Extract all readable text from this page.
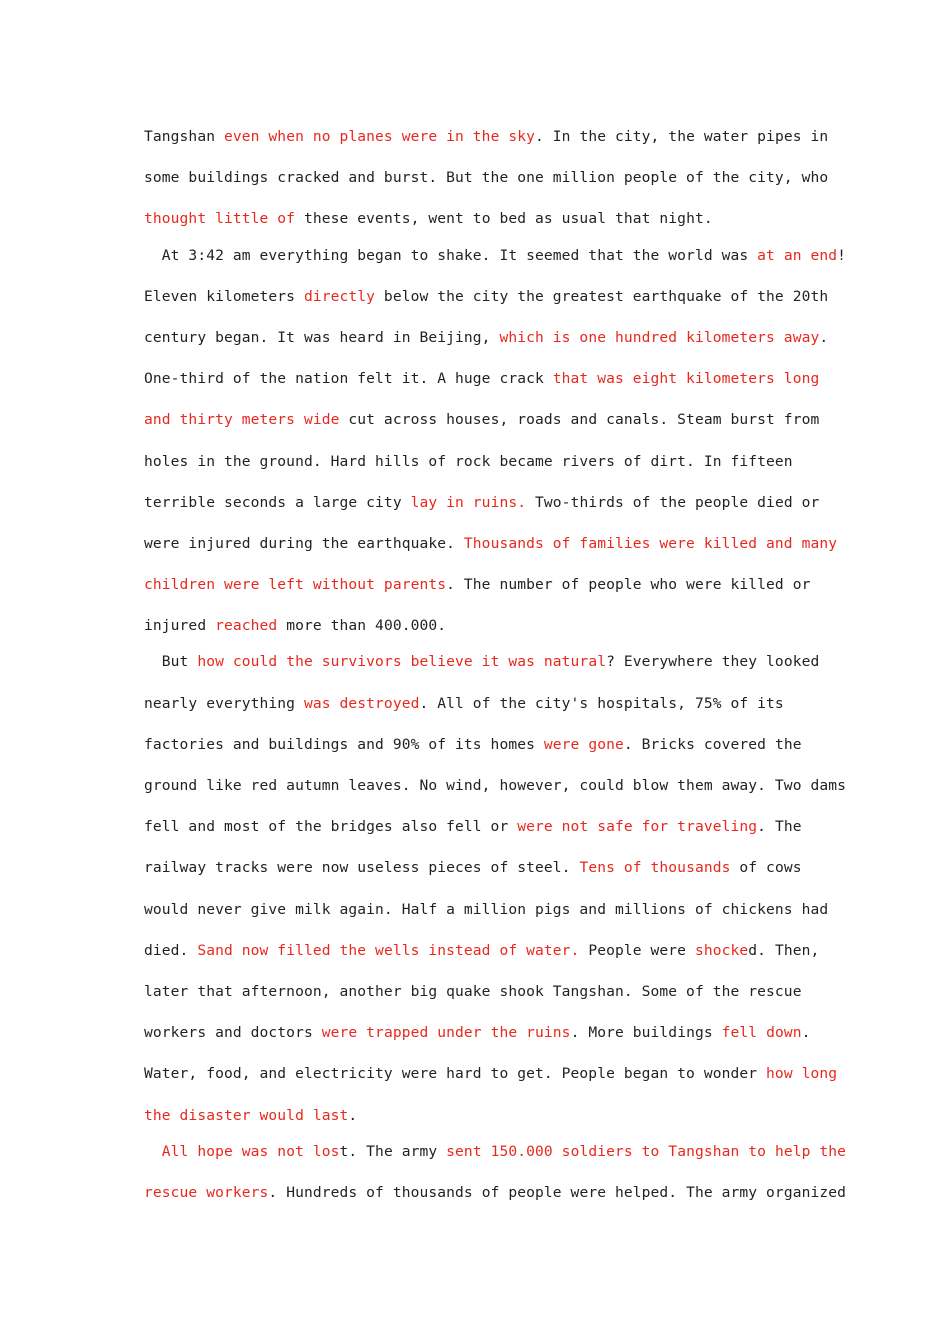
Tangshan even when no planes were in the sky. In the city, the water pipes in
some buildings cracked and burst. But the one million people of the city, who
thought little of these events, went to bed as usual that night.
At 3:42 am everything began to shake. It seemed that the world was at an end!
Eleven kilometers directly below the city the greatest earthquake of the 20th
century began. It was heard in Beijing, which is one hundred kilometers away.
One-third of the nation felt it. A huge crack that was eight kilometers long
and thirty meters wide cut across houses, roads and canals. Steam burst from
holes in the ground. Hard hills of rock became rivers of dirt. In fifteen
terrible seconds a large city lay in ruins. Two-thirds of the people died or
were injured during the earthquake. Thousands of families were killed and many
children were left without parents. The number of people who were killed or
injured reached more than 400.000.
But how could the survivors believe it was natural? Everywhere they looked
nearly everything was destroyed. All of the city's hospitals, 75% of its
factories and buildings and 90% of its homes were gone. Bricks covered the
ground like red autumn leaves. No wind, however, could blow them away. Two dams
fell and most of the bridges also fell or were not safe for traveling. The
railway tracks were now useless pieces of steel. Tens of thousands of cows
would never give milk again. Half a million pigs and millions of chickens had
died. Sand now filled the wells instead of water. People were shocked. Then,
later that afternoon, another big quake shook Tangshan. Some of the rescue
workers and doctors were trapped under the ruins. More buildings fell down.
Water, food, and electricity were hard to get. People began to wonder how long
the disaster would last.
All hope was not lost. The army sent 150.000 soldiers to Tangshan to help the
rescue workers. Hundreds of thousands of people were helped. The army organized
